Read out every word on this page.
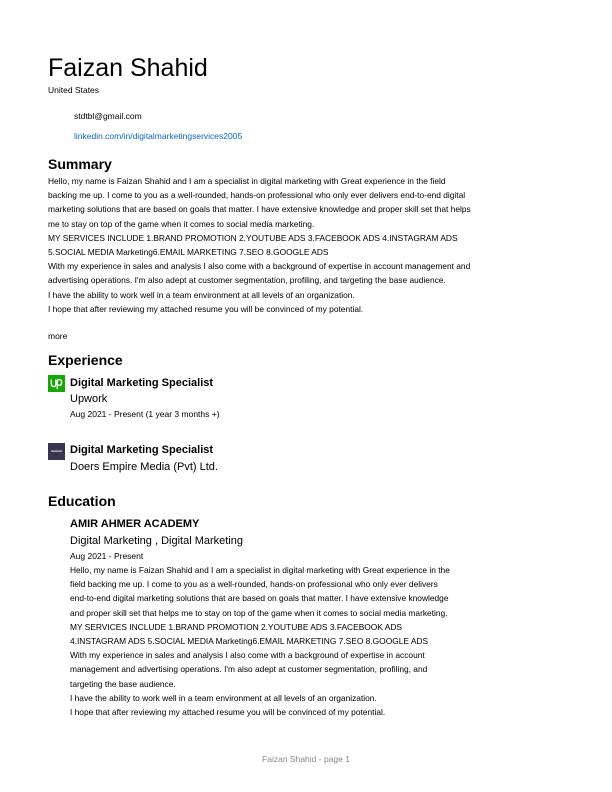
Faizan Shahid
United States
stdtbl@gmail.com
linkedin.com/in/digitalmarketingservices2005
Summary
Hello, my name is Faizan Shahid and I am a specialist in digital marketing with Great experience in the field
backing me up. I come to you as a well-rounded, hands-on professional who only ever delivers end-to-end digital
marketing solutions that are based on goals that matter. I have extensive knowledge and proper skill set that helps
me to stay on top of the game when it comes to social media marketing.
MY SERVICES INCLUDE 1.BRAND PROMOTION 2.YOUTUBE ADS 3.FACEBOOK ADS 4.INSTAGRAM ADS
5.SOCIAL MEDIA Marketing6.EMAIL MARKETING 7.SEO 8.GOOGLE ADS
With my experience in sales and analysis I also come with a background of expertise in account management and
advertising operations. I'm also adept at customer segmentation, profiling, and targeting the base audience.
I have the ability to work well in a team environment at all levels of an organization.
I hope that after reviewing my attached resume you will be convinced of my potential.
more
Experience
Digital Marketing Specialist
Upwork
Aug 2021 - Present (1 year 3 months +)
Digital Marketing Specialist
Doers Empire Media (Pvt) Ltd.
Education
AMIR AHMER ACADEMY
Digital Marketing , Digital Marketing
Aug 2021 - Present
Hello, my name is Faizan Shahid and I am a specialist in digital marketing with Great experience in the
field backing me up. I come to you as a well-rounded, hands-on professional who only ever delivers
end-to-end digital marketing solutions that are based on goals that matter. I have extensive knowledge
and proper skill set that helps me to stay on top of the game when it comes to social media marketing.
MY SERVICES INCLUDE 1.BRAND PROMOTION 2.YOUTUBE ADS 3.FACEBOOK ADS
4.INSTAGRAM ADS 5.SOCIAL MEDIA Marketing6.EMAIL MARKETING 7.SEO 8.GOOGLE ADS
With my experience in sales and analysis I also come with a background of expertise in account
management and advertising operations. I'm also adept at customer segmentation, profiling, and
targeting the base audience.
I have the ability to work well in a team environment at all levels of an organization.
I hope that after reviewing my attached resume you will be convinced of my potential.
Faizan Shahid - page 1
